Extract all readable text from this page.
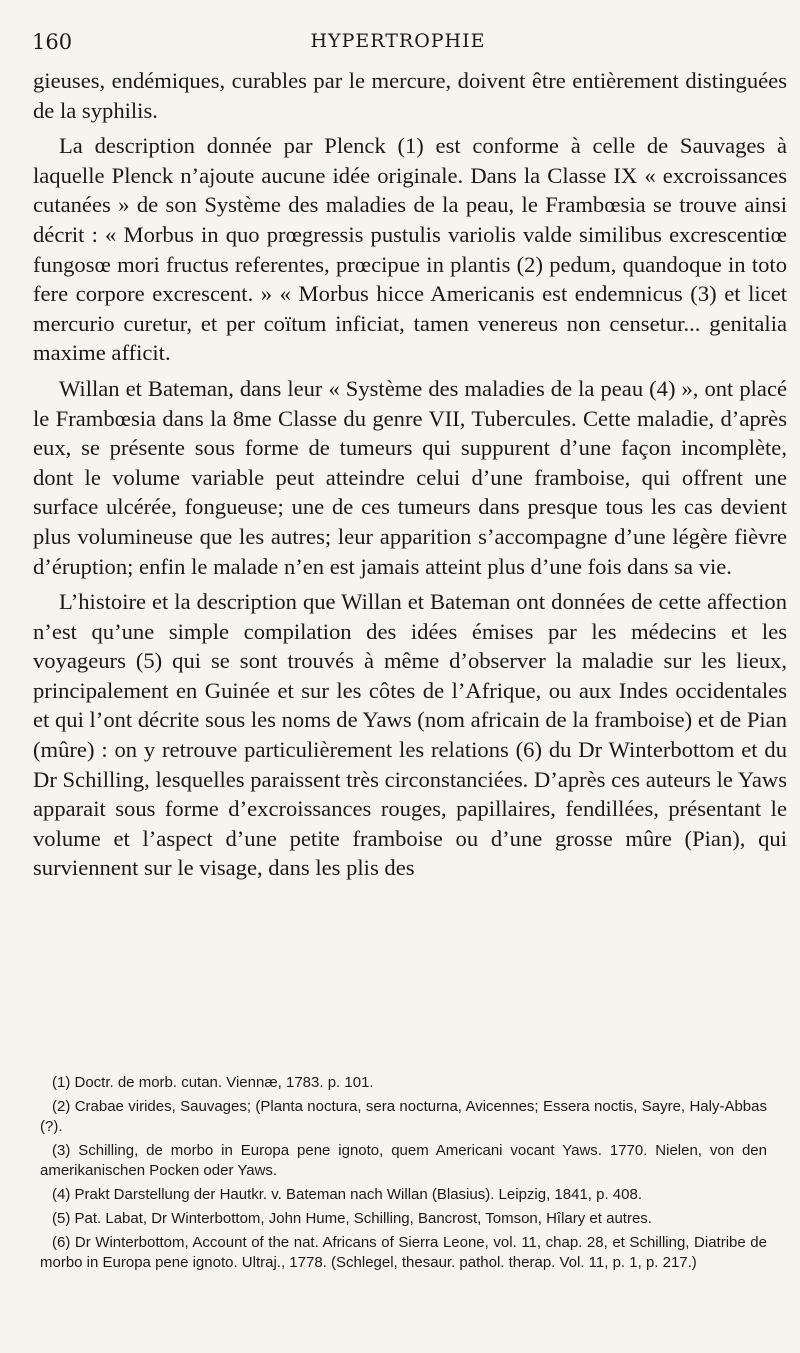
160	HYPERTROPHIE

gieuses, endémiques, curables par le mercure, doivent être entièrement distinguées de la syphilis.

La description donnée par Plenck (1) est conforme à celle de Sauvages à laquelle Plenck n’ajoute aucune idée originale. Dans la Classe IX « excroissances cutanées » de son Système des maladies de la peau, le Frambœsia se trouve ainsi décrit : « Morbus in quo prœgressis pustulis variolis valde similibus excrescentiœ fungosœ mori fructus referentes, prœcipue in plantis (2) pedum, quandoque in toto fere corpore excrescent. » « Morbus hicce Americanis est endemnicus (3) et licet mercurio curetur, et per coïtum inficiat, tamen venereus non censetur... genitalia maxime afficit.

Willan et Bateman, dans leur « Système des maladies de la peau (4) », ont placé le Frambœsia dans la 8me Classe du genre VII, Tubercules. Cette maladie, d’après eux, se présente sous forme de tumeurs qui suppurent d’une façon incomplète, dont le volume variable peut atteindre celui d’une framboise, qui offrent une surface ulcérée, fongueuse; une de ces tumeurs dans presque tous les cas devient plus volumineuse que les autres; leur apparition s’accompagne d’une légère fièvre d’éruption; enfin le malade n’en est jamais atteint plus d’une fois dans sa vie.

L’histoire et la description que Willan et Bateman ont données de cette affection n’est qu’une simple compilation des idées émises par les médecins et les voyageurs (5) qui se sont trouvés à même d’observer la maladie sur les lieux, principalement en Guinée et sur les côtes de l’Afrique, ou aux Indes occidentales et qui l’ont décrite sous les noms de Yaws (nom africain de la framboise) et de Pian (mûre) : on y retrouve particulièrement les relations (6) du Dr Winterbottom et du Dr Schilling, lesquelles paraissent très circonstanciées. D’après ces auteurs le Yaws apparait sous forme d’excroissances rouges, papillaires, fendillées, présentant le volume et l’aspect d’une petite framboise ou d’une grosse mûre (Pian), qui surviennent sur le visage, dans les plis des

(1) Doctr. de morb. cutan. Viennæ, 1783. p. 101.

(2) Crabae virides, Sauvages; (Planta noctura, sera nocturna, Avicennes; Essera noctis, Sayre, Haly-Abbas (?).

(3) Schilling, de morbo in Europa pene ignoto, quem Americani vocant Yaws. 1770. Nielen, von den amerikanischen Pocken oder Yaws.

(4) Prakt Darstellung der Hautkr. v. Bateman nach Willan (Blasius). Leipzig, 1841, p. 408.

(5) Pat. Labat, Dr Winterbottom, John Hume, Schilling, Bancrost, Tomson, Hîlary et autres.

(6) Dr Winterbottom, Account of the nat. Africans of Sierra Leone, vol. 11, chap. 28, et Schilling, Diatribe de morbo in Europa pene ignoto. Ultraj., 1778. (Schlegel, thesaur. pathol. therap. Vol. 11, p. 1, p. 217.)
